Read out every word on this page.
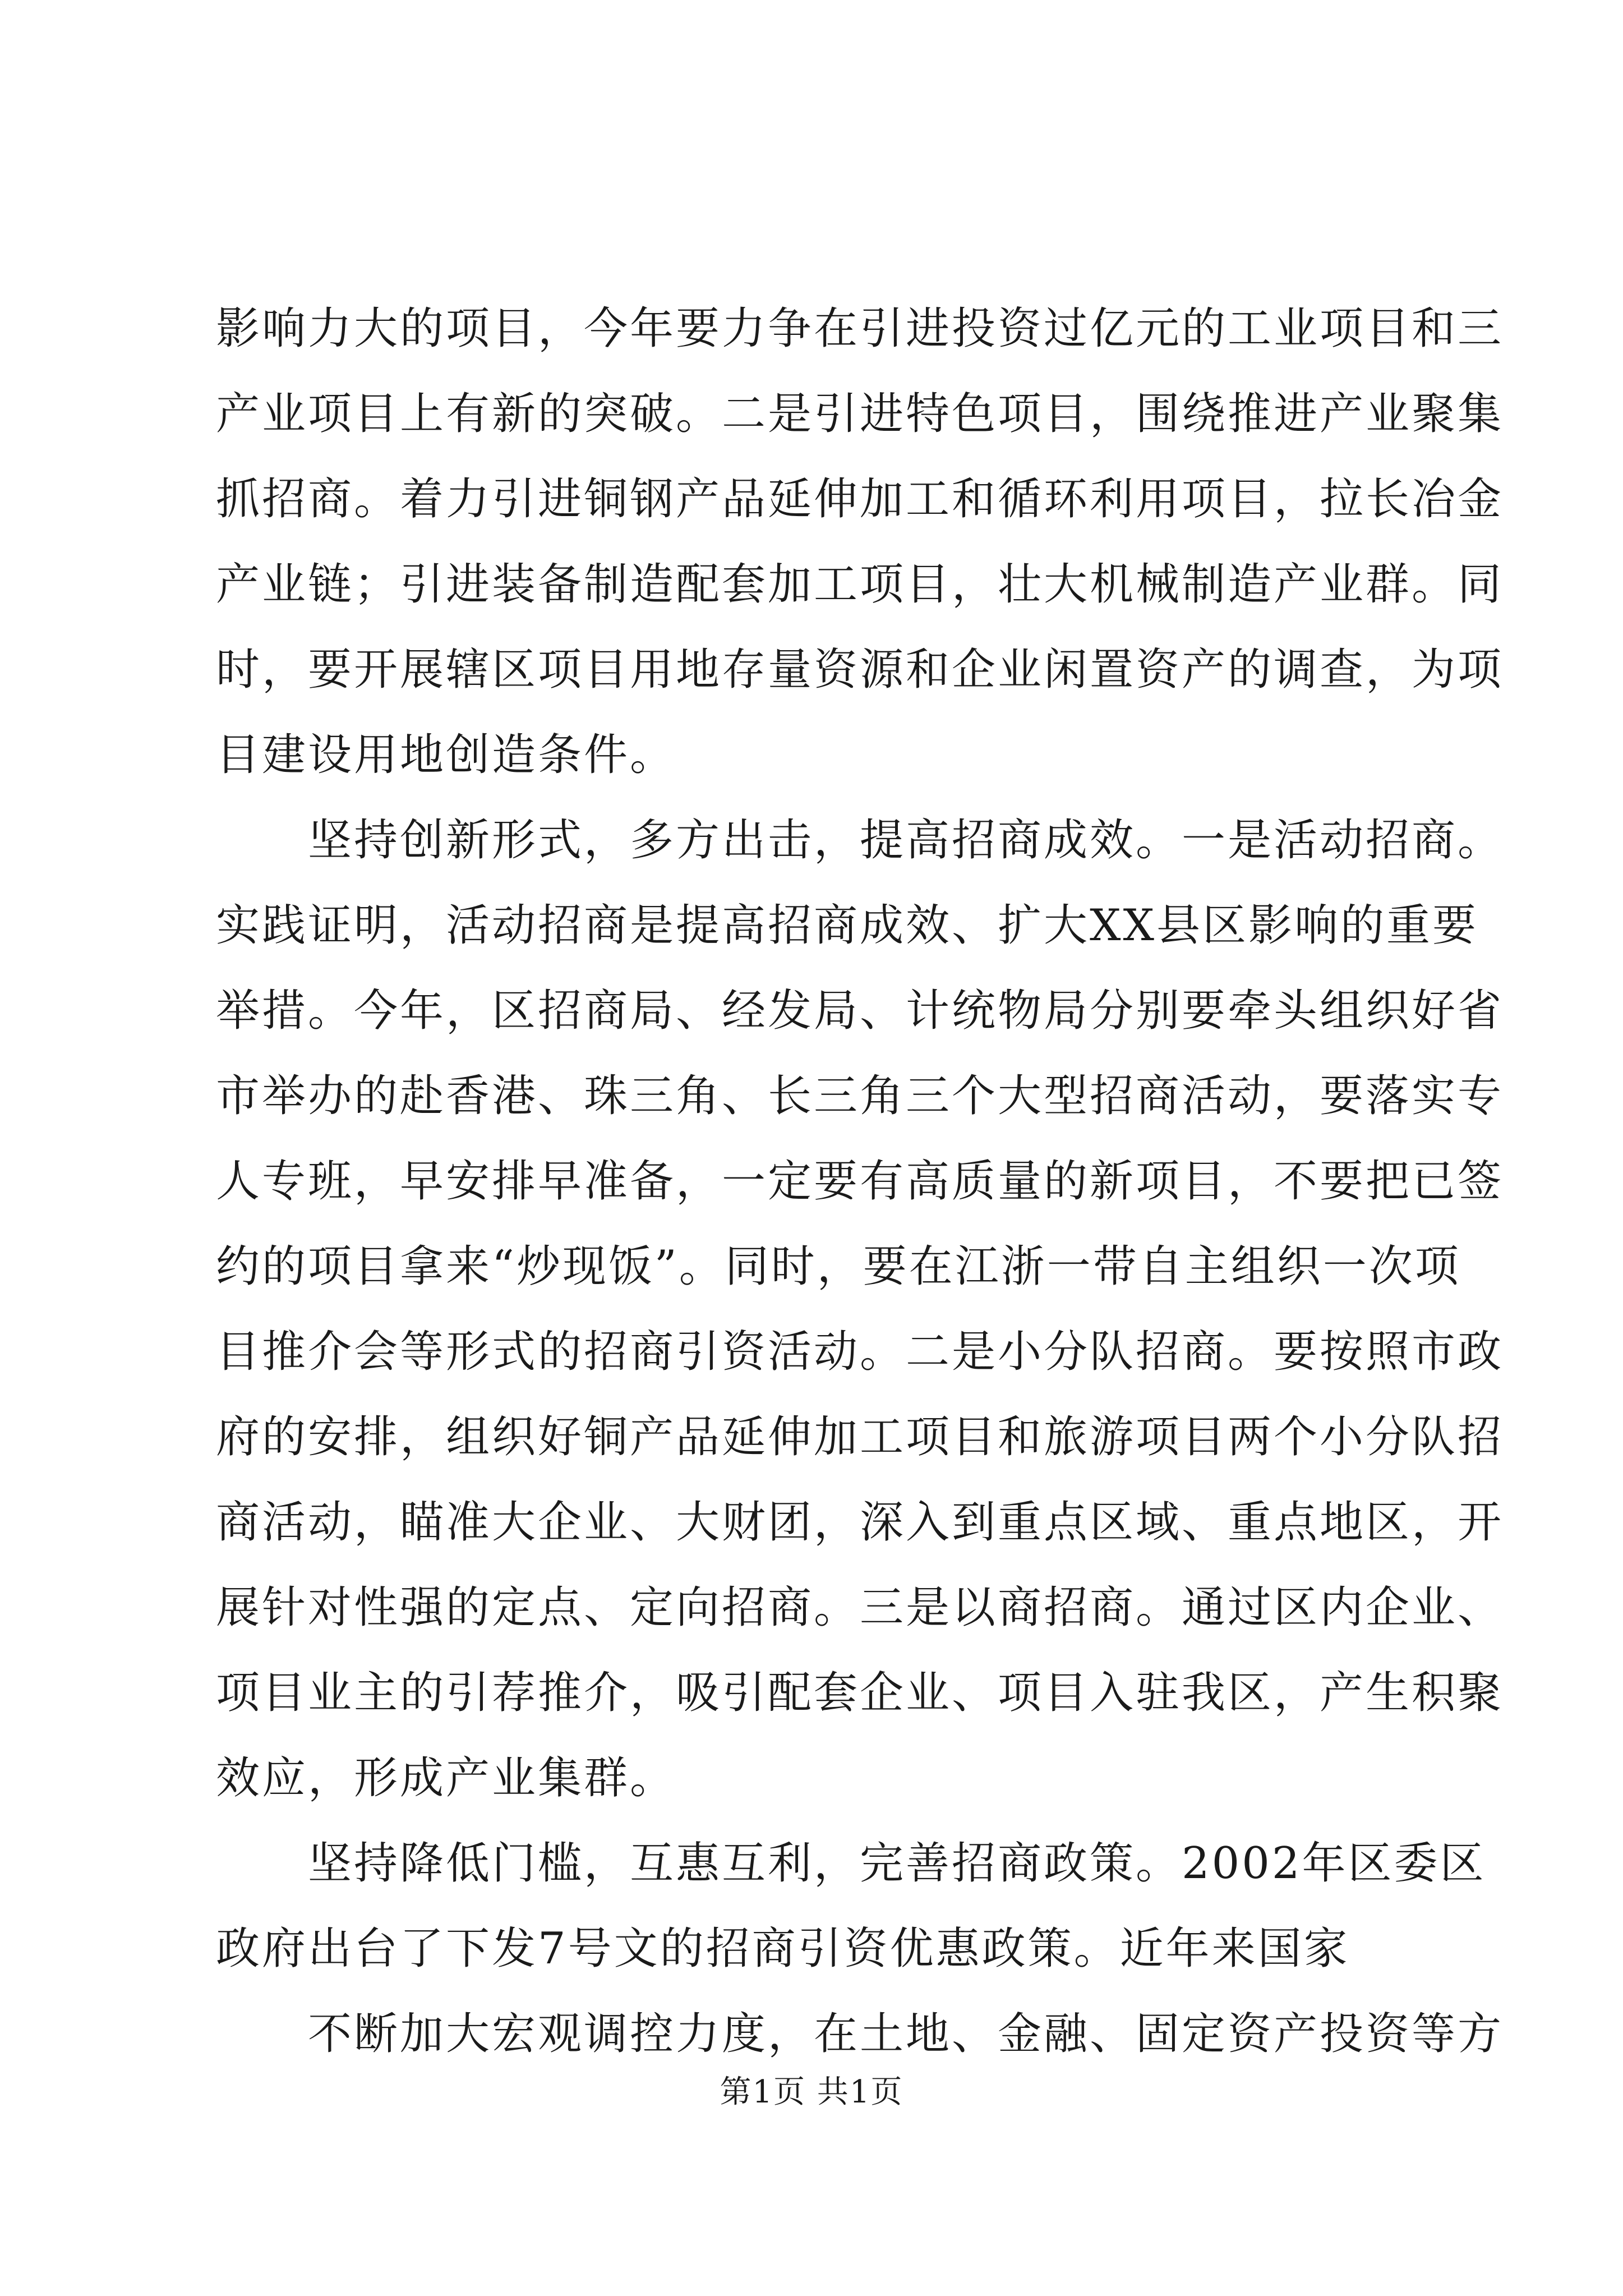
影响力大的项目，今年要力争在引进投资过亿元的工业项目和三
产业项目上有新的突破。二是引进特色项目，围绕推进产业聚集
抓招商。着力引进铜钢产品延伸加工和循环利用项目，拉长冶金
产业链；引进装备制造配套加工项目，壮大机械制造产业群。同
时，要开展辖区项目用地存量资源和企业闲置资产的调查，为项
目建设用地创造条件。
　　坚持创新形式，多方出击，提高招商成效。一是活动招商。
实践证明，活动招商是提高招商成效、扩大XX县区影响的重要
举措。今年，区招商局、经发局、计统物局分别要牵头组织好省
市举办的赴香港、珠三角、长三角三个大型招商活动，要落实专
人专班，早安排早准备，一定要有高质量的新项目，不要把已签
约的项目拿来“炒现饭”。同时，要在江浙一带自主组织一次项
目推介会等形式的招商引资活动。二是小分队招商。要按照市政
府的安排，组织好铜产品延伸加工项目和旅游项目两个小分队招
商活动，瞄准大企业、大财团，深入到重点区域、重点地区，开
展针对性强的定点、定向招商。三是以商招商。通过区内企业、
项目业主的引荐推介，吸引配套企业、项目入驻我区，产生积聚
效应，形成产业集群。
　　坚持降低门槛，互惠互利，完善招商政策。2002年区委区
政府出台了下发7号文的招商引资优惠政策。近年来国家
　　不断加大宏观调控力度，在土地、金融、固定资产投资等方
第1页 共1页
